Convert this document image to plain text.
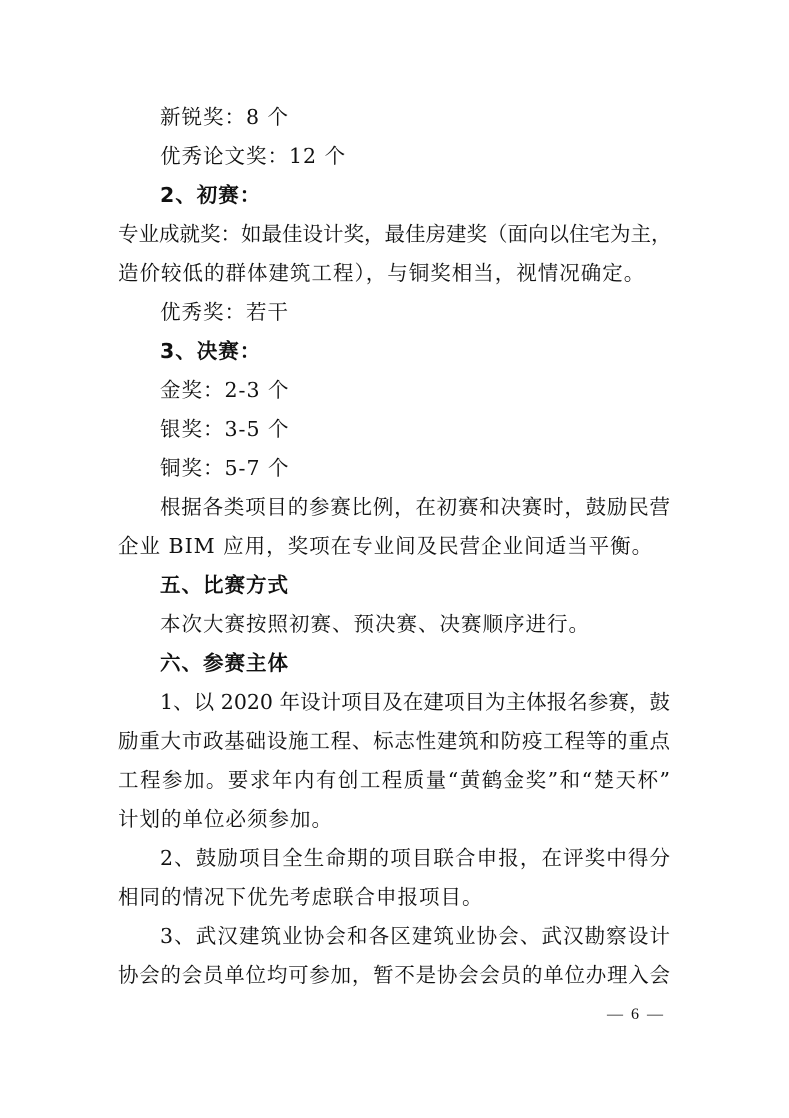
新锐奖：8 个
优秀论文奖：12 个
2、初赛：
专业成就奖：如最佳设计奖，最佳房建奖（面向以住宅为主，
造价较低的群体建筑工程），与铜奖相当，视情况确定。
优秀奖：若干
3、决赛：
金奖：2-3 个
银奖：3-5 个
铜奖：5-7 个
根据各类项目的参赛比例，在初赛和决赛时，鼓励民营
企业 BIM 应用，奖项在专业间及民营企业间适当平衡。
五、比赛方式
本次大赛按照初赛、预决赛、决赛顺序进行。
六、参赛主体
1、以 2020 年设计项目及在建项目为主体报名参赛，鼓
励重大市政基础设施工程、标志性建筑和防疫工程等的重点
工程参加。要求年内有创工程质量“黄鹤金奖”和“楚天杯”
计划的单位必须参加。
2、鼓励项目全生命期的项目联合申报，在评奖中得分
相同的情况下优先考虑联合申报项目。
3、武汉建筑业协会和各区建筑业协会、武汉勘察设计
协会的会员单位均可参加，暂不是协会会员的单位办理入会
— 6 —
